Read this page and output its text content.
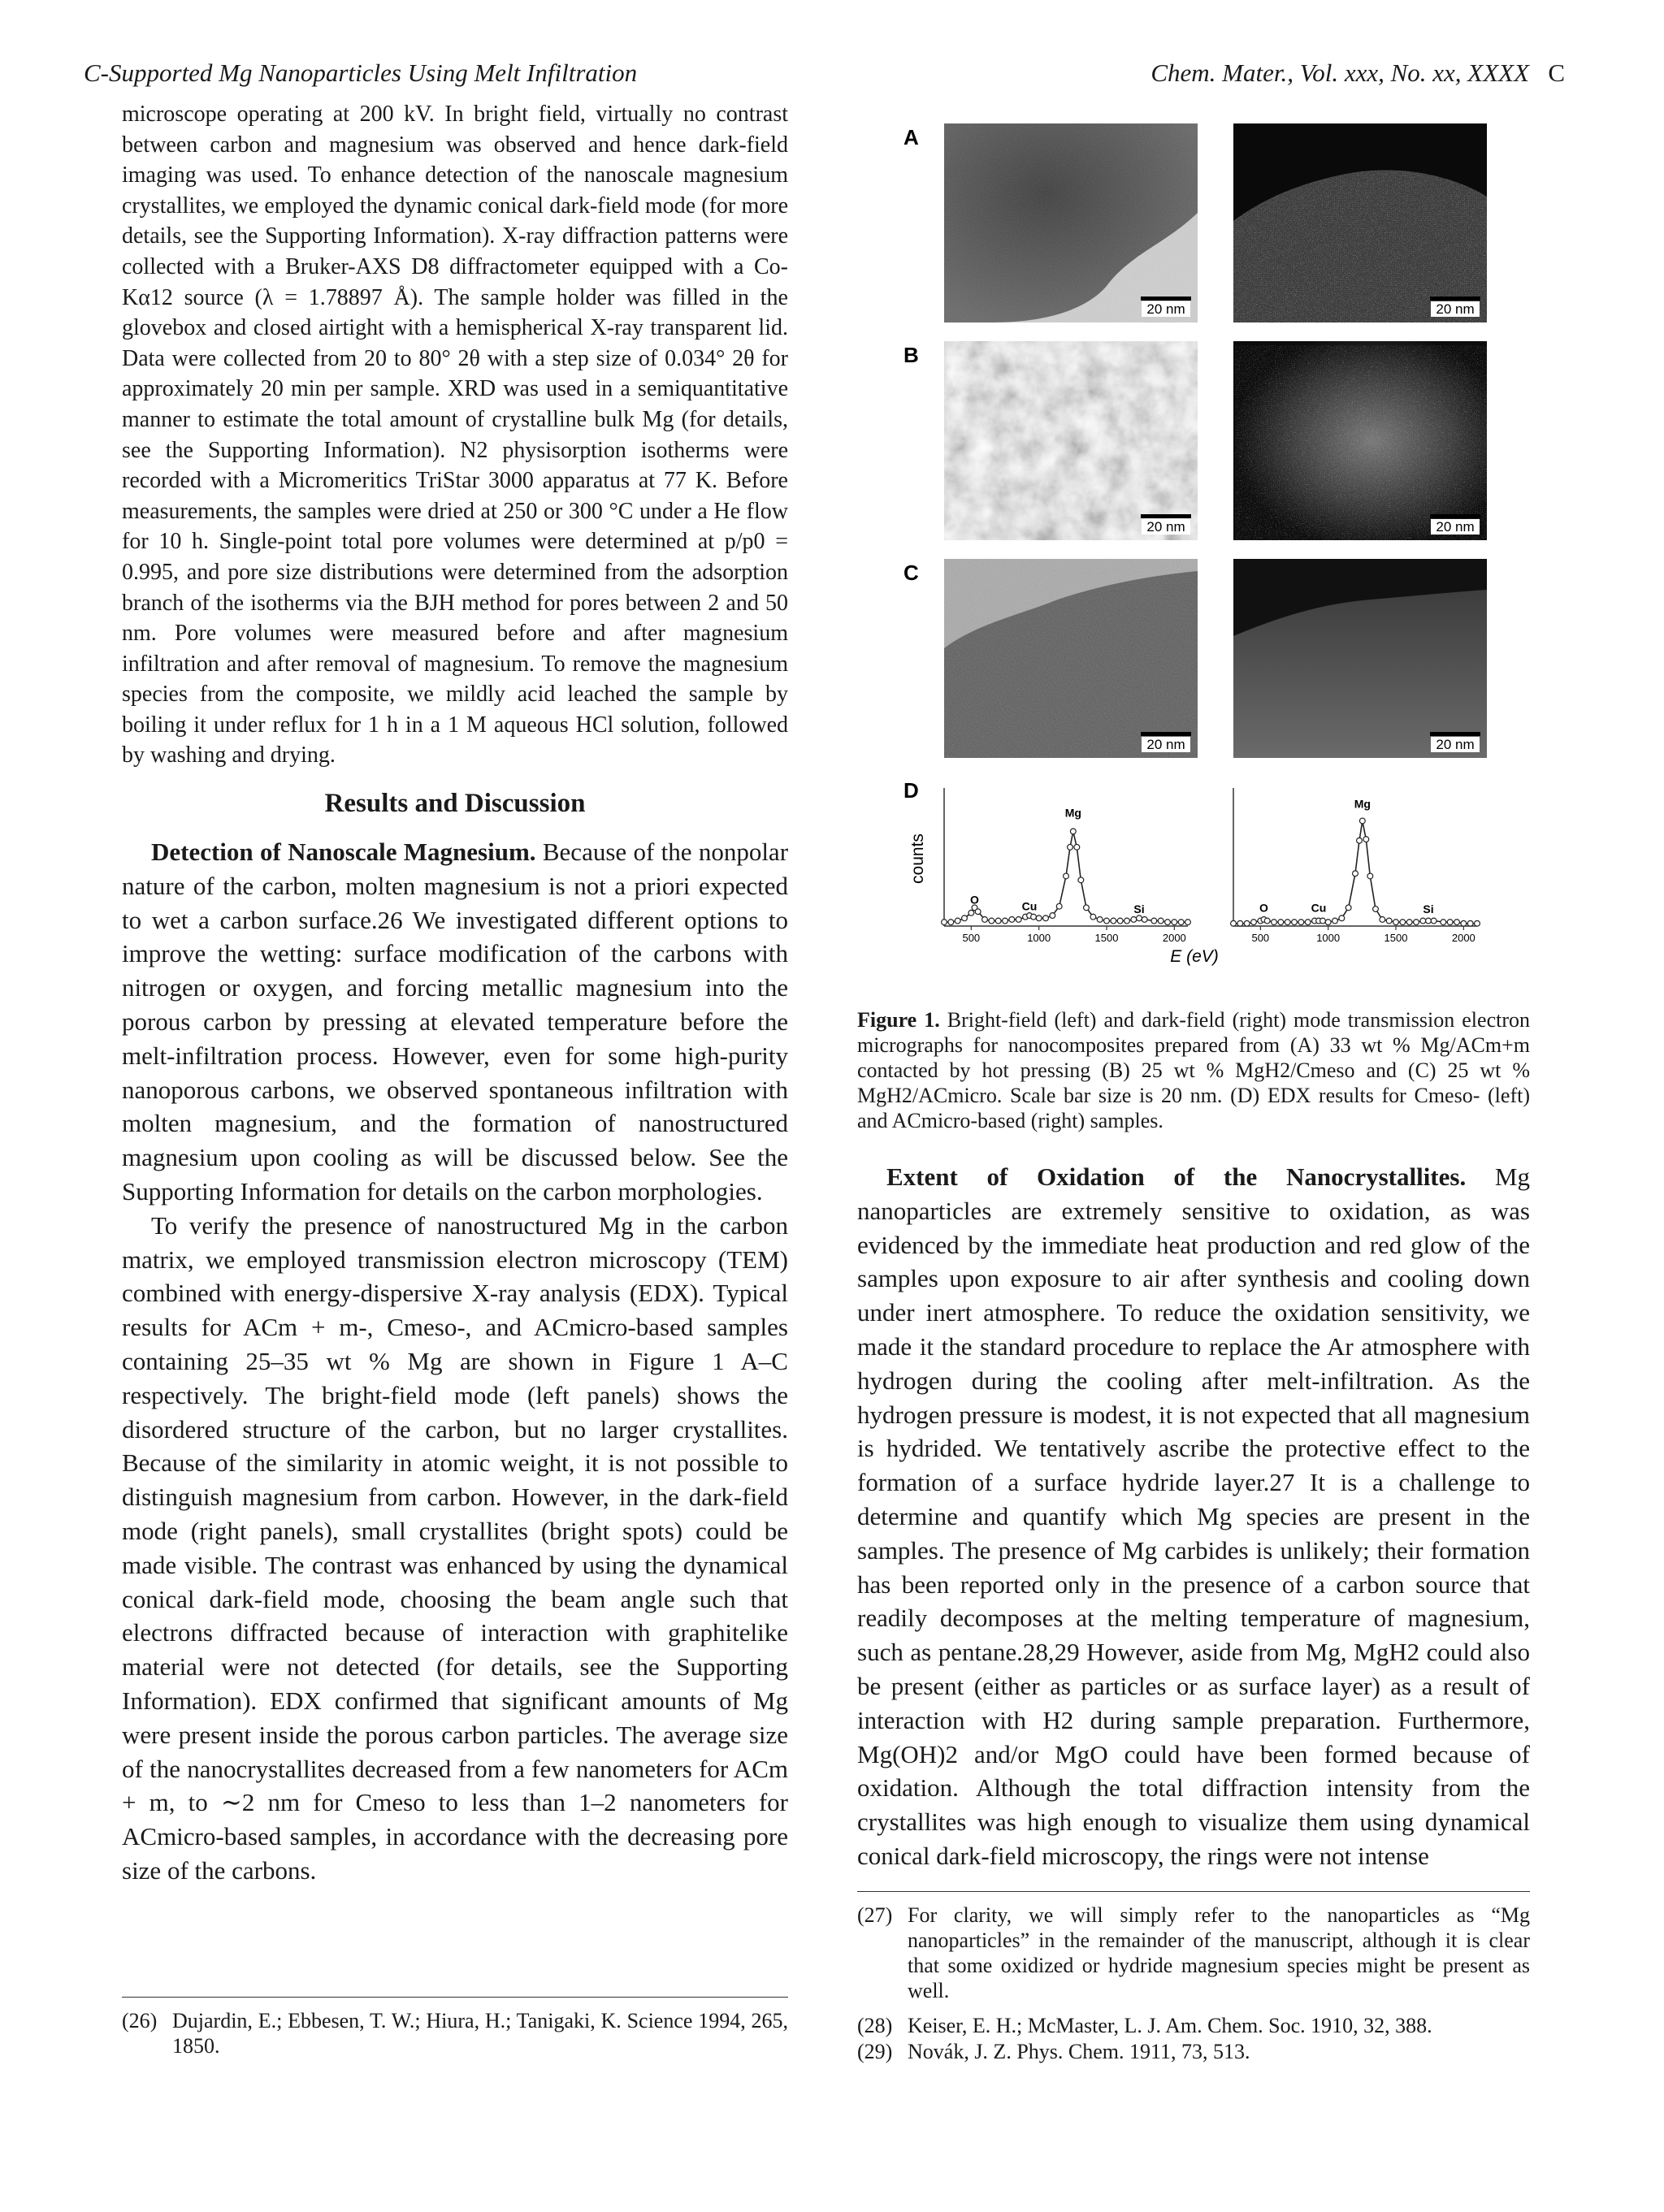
C-Supported Mg Nanoparticles Using Melt Infiltration	Chem. Mater., Vol. xxx, No. xx, XXXX C

microscope operating at 200 kV. In bright field, virtually no contrast between carbon and magnesium was observed and hence dark-field imaging was used. To enhance detection of the nanoscale magnesium crystallites, we employed the dynamic conical dark-field mode (for more details, see the Supporting Information). X-ray diffraction patterns were collected with a Bruker-AXS D8 diffractometer equipped with a Co-Kα12 source (λ = 1.78897 Å). The sample holder was filled in the glovebox and closed airtight with a hemispherical X-ray transparent lid. Data were collected from 20 to 80° 2θ with a step size of 0.034° 2θ for approximately 20 min per sample. XRD was used in a semiquantitative manner to estimate the total amount of crystalline bulk Mg (for details, see the Supporting Information). N2 physisorption isotherms were recorded with a Micromeritics TriStar 3000 apparatus at 77 K. Before measurements, the samples were dried at 250 or 300 °C under a He flow for 10 h. Single-point total pore volumes were determined at p/p0 = 0.995, and pore size distributions were determined from the adsorption branch of the isotherms via the BJH method for pores between 2 and 50 nm. Pore volumes were measured before and after magnesium infiltration and after removal of magnesium. To remove the magnesium species from the composite, we mildly acid leached the sample by boiling it under reflux for 1 h in a 1 M aqueous HCl solution, followed by washing and drying.

Results and Discussion

Detection of Nanoscale Magnesium. Because of the nonpolar nature of the carbon, molten magnesium is not a priori expected to wet a carbon surface.26 We investigated different options to improve the wetting: surface modification of the carbons with nitrogen or oxygen, and forcing metallic magnesium into the porous carbon by pressing at elevated temperature before the melt-infiltration process. However, even for some high-purity nanoporous carbons, we observed spontaneous infiltration with molten magnesium, and the formation of nanostructured magnesium upon cooling as will be discussed below. See the Supporting Information for details on the carbon morphologies.

To verify the presence of nanostructured Mg in the carbon matrix, we employed transmission electron microscopy (TEM) combined with energy-dispersive X-ray analysis (EDX). Typical results for ACm + m-, Cmeso-, and ACmicro-based samples containing 25–35 wt % Mg are shown in Figure 1 A–C respectively. The bright-field mode (left panels) shows the disordered structure of the carbon, but no larger crystallites. Because of the similarity in atomic weight, it is not possible to distinguish magnesium from carbon. However, in the dark-field mode (right panels), small crystallites (bright spots) could be made visible. The contrast was enhanced by using the dynamical conical dark-field mode, choosing the beam angle such that electrons diffracted because of interaction with graphitelike material were not detected (for details, see the Supporting Information). EDX confirmed that significant amounts of Mg were present inside the porous carbon particles. The average size of the nanocrystallites decreased from a few nanometers for ACm + m, to ∼2 nm for Cmeso to less than 1–2 nanometers for ACmicro-based samples, in accordance with the decreasing pore size of the carbons.

(26) Dujardin, E.; Ebbesen, T. W.; Hiura, H.; Tanigaki, K. Science 1994, 265, 1850.
A
B
C
D
20 nm	20 nm
20 nm	20 nm
20 nm	20 nm
counts
E (eV)
500	1000	1500	2000
O
Cu
Mg
Si
500	1000	1500	2000
O	Cu
Mg
Si
Figure 1. Bright-field (left) and dark-field (right) mode transmission electron micrographs for nanocomposites prepared from (A) 33 wt % Mg/ACm+m contacted by hot pressing (B) 25 wt % MgH2/Cmeso and (C) 25 wt % MgH2/ACmicro. Scale bar size is 20 nm. (D) EDX results for Cmeso- (left) and ACmicro-based (right) samples.

Extent of Oxidation of the Nanocrystallites. Mg nanoparticles are extremely sensitive to oxidation, as was evidenced by the immediate heat production and red glow of the samples upon exposure to air after synthesis and cooling down under inert atmosphere. To reduce the oxidation sensitivity, we made it the standard procedure to replace the Ar atmosphere with hydrogen during the cooling after melt-infiltration. As the hydrogen pressure is modest, it is not expected that all magnesium is hydrided. We tentatively ascribe the protective effect to the formation of a surface hydride layer.27 It is a challenge to determine and quantify which Mg species are present in the samples. The presence of Mg carbides is unlikely; their formation has been reported only in the presence of a carbon source that readily decomposes at the melting temperature of magnesium, such as pentane.28,29 However, aside from Mg, MgH2 could also be present (either as particles or as surface layer) as a result of interaction with H2 during sample preparation. Furthermore, Mg(OH)2 and/or MgO could have been formed because of oxidation. Although the total diffraction intensity from the crystallites was high enough to visualize them using dynamical conical dark-field microscopy, the rings were not intense

(27) For clarity, we will simply refer to the nanoparticles as “Mg nanoparticles” in the remainder of the manuscript, although it is clear that some oxidized or hydride magnesium species might be present as well.
(28) Keiser, E. H.; McMaster, L. J. Am. Chem. Soc. 1910, 32, 388.
(29) Novák, J. Z. Phys. Chem. 1911, 73, 513.
